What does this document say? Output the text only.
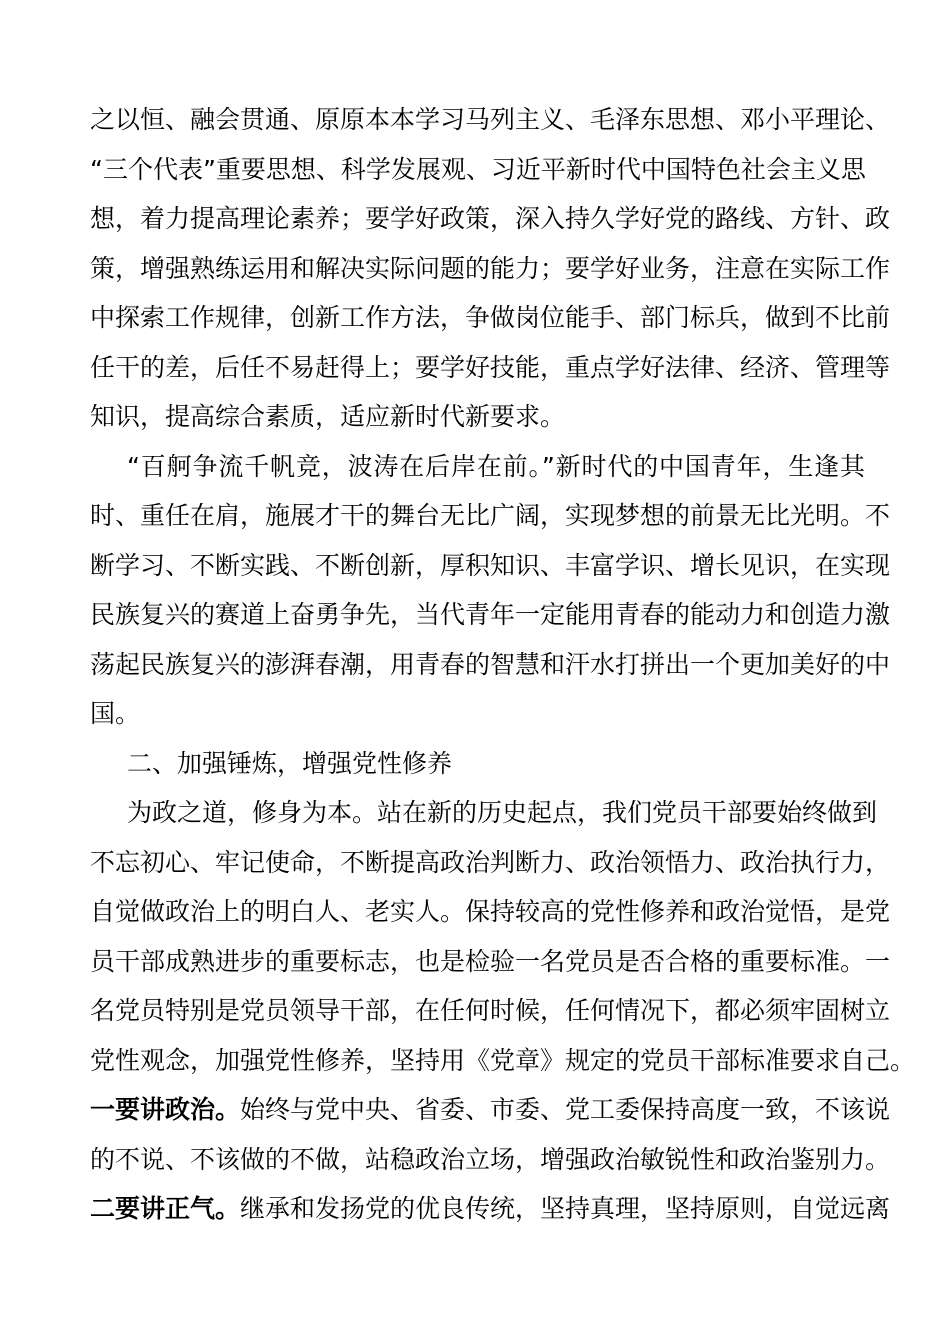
之以恒、融会贯通、原原本本学习马列主义、毛泽东思想、邓小平理论、
“三个代表”重要思想、科学发展观、习近平新时代中国特色社会主义思
想，着力提高理论素养；要学好政策，深入持久学好党的路线、方针、政
策，增强熟练运用和解决实际问题的能力；要学好业务，注意在实际工作
中探索工作规律，创新工作方法，争做岗位能手、部门标兵，做到不比前
任干的差，后任不易赶得上；要学好技能，重点学好法律、经济、管理等
知识，提高综合素质，适应新时代新要求。
“百舸争流千帆竞，波涛在后岸在前。”新时代的中国青年，生逢其
时、重任在肩，施展才干的舞台无比广阔，实现梦想的前景无比光明。不
断学习、不断实践、不断创新，厚积知识、丰富学识、增长见识，在实现
民族复兴的赛道上奋勇争先，当代青年一定能用青春的能动力和创造力激
荡起民族复兴的澎湃春潮，用青春的智慧和汗水打拼出一个更加美好的中
国。
二、加强锤炼，增强党性修养
为政之道，修身为本。站在新的历史起点，我们党员干部要始终做到
不忘初心、牢记使命，不断提高政治判断力、政治领悟力、政治执行力，
自觉做政治上的明白人、老实人。保持较高的党性修养和政治觉悟，是党
员干部成熟进步的重要标志，也是检验一名党员是否合格的重要标准。一
名党员特别是党员领导干部，在任何时候，任何情况下，都必须牢固树立
党性观念，加强党性修养，坚持用《党章》规定的党员干部标准要求自己。
一要讲政治。始终与党中央、省委、市委、党工委保持高度一致，不该说
的不说、不该做的不做，站稳政治立场，增强政治敏锐性和政治鉴别力。
二要讲正气。继承和发扬党的优良传统，坚持真理，坚持原则，自觉远离
